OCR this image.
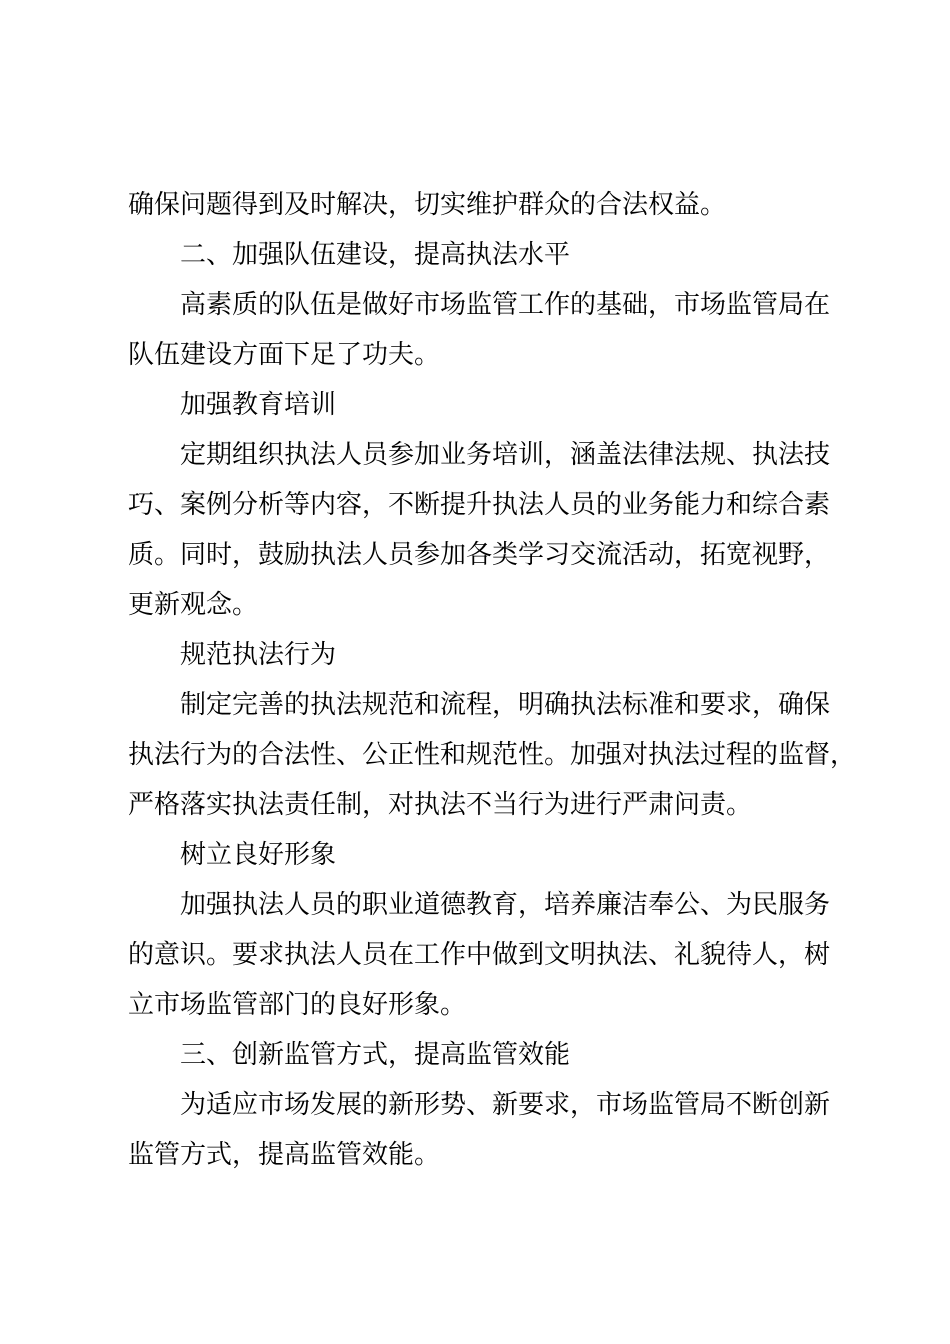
确保问题得到及时解决，切实维护群众的合法权益。

二、加强队伍建设，提高执法水平

高素质的队伍是做好市场监管工作的基础，市场监管局在
队伍建设方面下足了功夫。

加强教育培训

定期组织执法人员参加业务培训，涵盖法律法规、执法技
巧、案例分析等内容，不断提升执法人员的业务能力和综合素
质。同时，鼓励执法人员参加各类学习交流活动，拓宽视野，
更新观念。

规范执法行为

制定完善的执法规范和流程，明确执法标准和要求，确保
执法行为的合法性、公正性和规范性。加强对执法过程的监督，
严格落实执法责任制，对执法不当行为进行严肃问责。

树立良好形象

加强执法人员的职业道德教育，培养廉洁奉公、为民服务
的意识。要求执法人员在工作中做到文明执法、礼貌待人，树
立市场监管部门的良好形象。

三、创新监管方式，提高监管效能

为适应市场发展的新形势、新要求，市场监管局不断创新
监管方式，提高监管效能。
